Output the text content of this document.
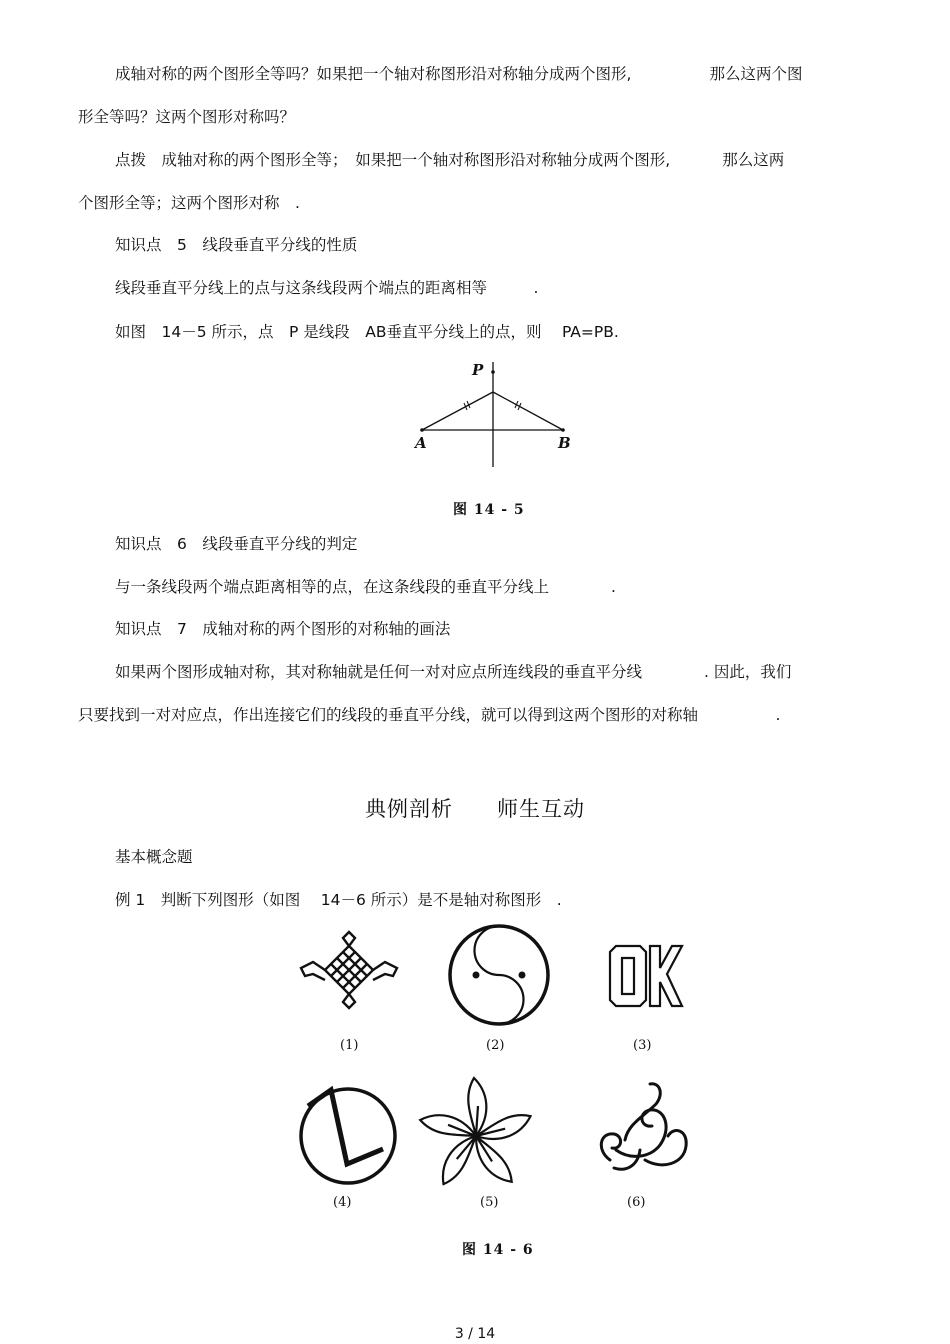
成轴对称的两个图形全等吗？如果把一个轴对称图形沿对称轴分成两个图形,	那么这两个图
形全等吗？这两个图形对称吗？
点拨　成轴对称的两个图形全等；　如果把一个轴对称图形沿对称轴分成两个图形,	那么这两
个图形全等；这两个图形对称　.
知识点　5　线段垂直平分线的性质
线段垂直平分线上的点与这条线段两个端点的距离相等　　　.
如图　14－5 所示，点　P 是线段　AB垂直平分线上的点，则　 PA=PB.
P
A	B
图 14 - 5
知识点　6　线段垂直平分线的判定
与一条线段两个端点距离相等的点，在这条线段的垂直平分线上　　　　.
知识点　7　成轴对称的两个图形的对称轴的画法
如果两个图形成轴对称，其对称轴就是任何一对对应点所连线段的垂直平分线　　　　. 因此，我们
只要找到一对对应点，作出连接它们的线段的垂直平分线，就可以得到这两个图形的对称轴　　　　　.
典例剖析 师生互动
基本概念题
例 1　判断下列图形（如图　 14－6 所示）是不是轴对称图形　.
(1)	(2)	(3)
(4)	(5)	(6)
图 14 - 6
3 / 14
